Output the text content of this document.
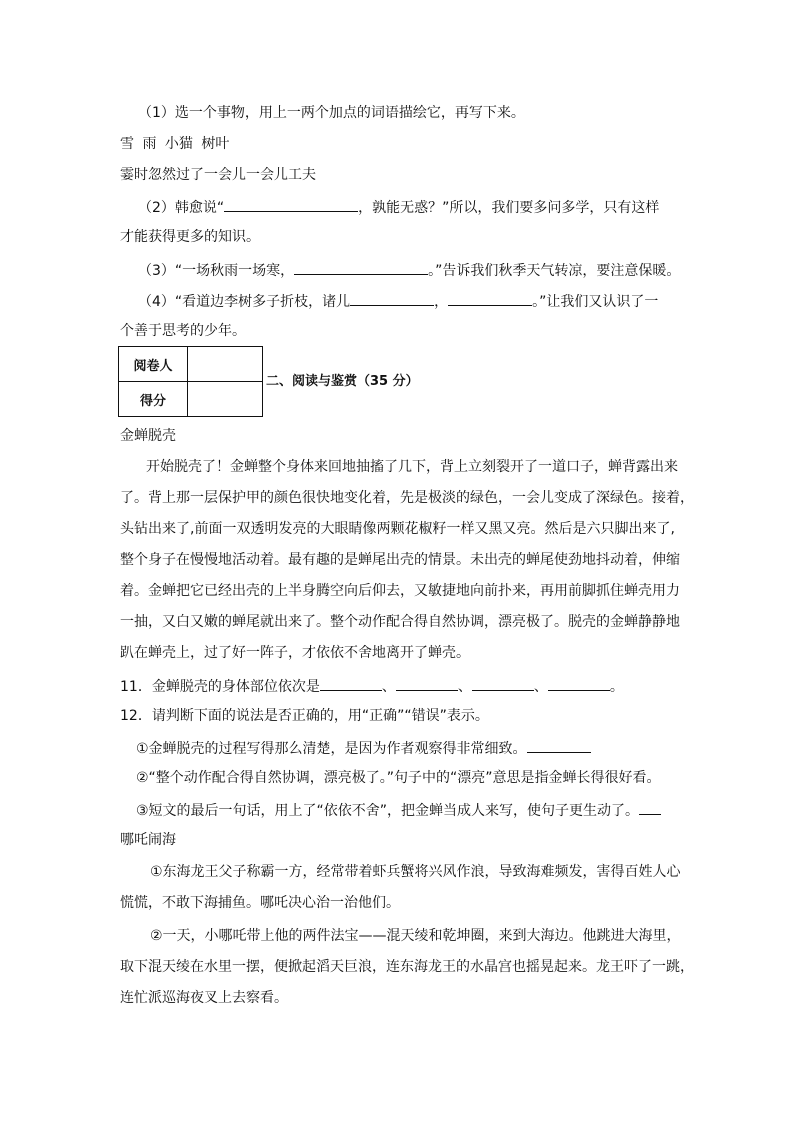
（1）选一个事物，用上一两个加点的词语描绘它，再写下来。
雪 雨 小猫 树叶
霎时忽然过了一会儿一会儿工夫
（2）韩愈说“	，孰能无惑？”所以，我们要多问多学，只有这样
才能获得更多的知识。
（3）“一场秋雨一场寒，	。”告诉我们秋季天气转凉，要注意保暖。
（4）“看道边李树多子折枝，诸儿	，	。”让我们又认识了一
个善于思考的少年。
阅卷人	
得分	
二、阅读与鉴赏（35 分）
金蝉脱壳
开始脱壳了！金蝉整个身体来回地抽搐了几下，背上立刻裂开了一道口子，蝉背露出来
了。背上那一层保护甲的颜色很快地变化着，先是极淡的绿色，一会儿变成了深绿色。接着，
头钻出来了,前面一双透明发亮的大眼睛像两颗花椒籽一样又黑又亮。然后是六只脚出来了,
整个身子在慢慢地活动着。最有趣的是蝉尾出壳的情景。未出壳的蝉尾使劲地抖动着，伸缩
着。金蝉把它已经出壳的上半身腾空向后仰去，又敏捷地向前扑来，再用前脚抓住蝉壳用力
一抽，又白又嫩的蝉尾就出来了。整个动作配合得自然协调，漂亮极了。脱壳的金蝉静静地
趴在蝉壳上，过了好一阵子，才依依不舍地离开了蝉壳。
11．金蝉脱壳的身体部位依次是	、	、	、	。
12．请判断下面的说法是否正确的，用“正确”“错误”表示。
①金蝉脱壳的过程写得那么清楚，是因为作者观察得非常细致。
②“整个动作配合得自然协调，漂亮极了。”句子中的“漂亮”意思是指金蝉长得很好看。
③短文的最后一句话，用上了“依依不舍”，把金蝉当成人来写，使句子更生动了。
哪吒闹海
①东海龙王父子称霸一方，经常带着虾兵蟹将兴风作浪，导致海难频发，害得百姓人心
慌慌，不敢下海捕鱼。哪吒决心治一治他们。
②一天，小哪吒带上他的两件法宝——混天绫和乾坤圈，来到大海边。他跳进大海里，
取下混天绫在水里一摆，便掀起滔天巨浪，连东海龙王的水晶宫也摇晃起来。龙王吓了一跳，
连忙派巡海夜叉上去察看。
